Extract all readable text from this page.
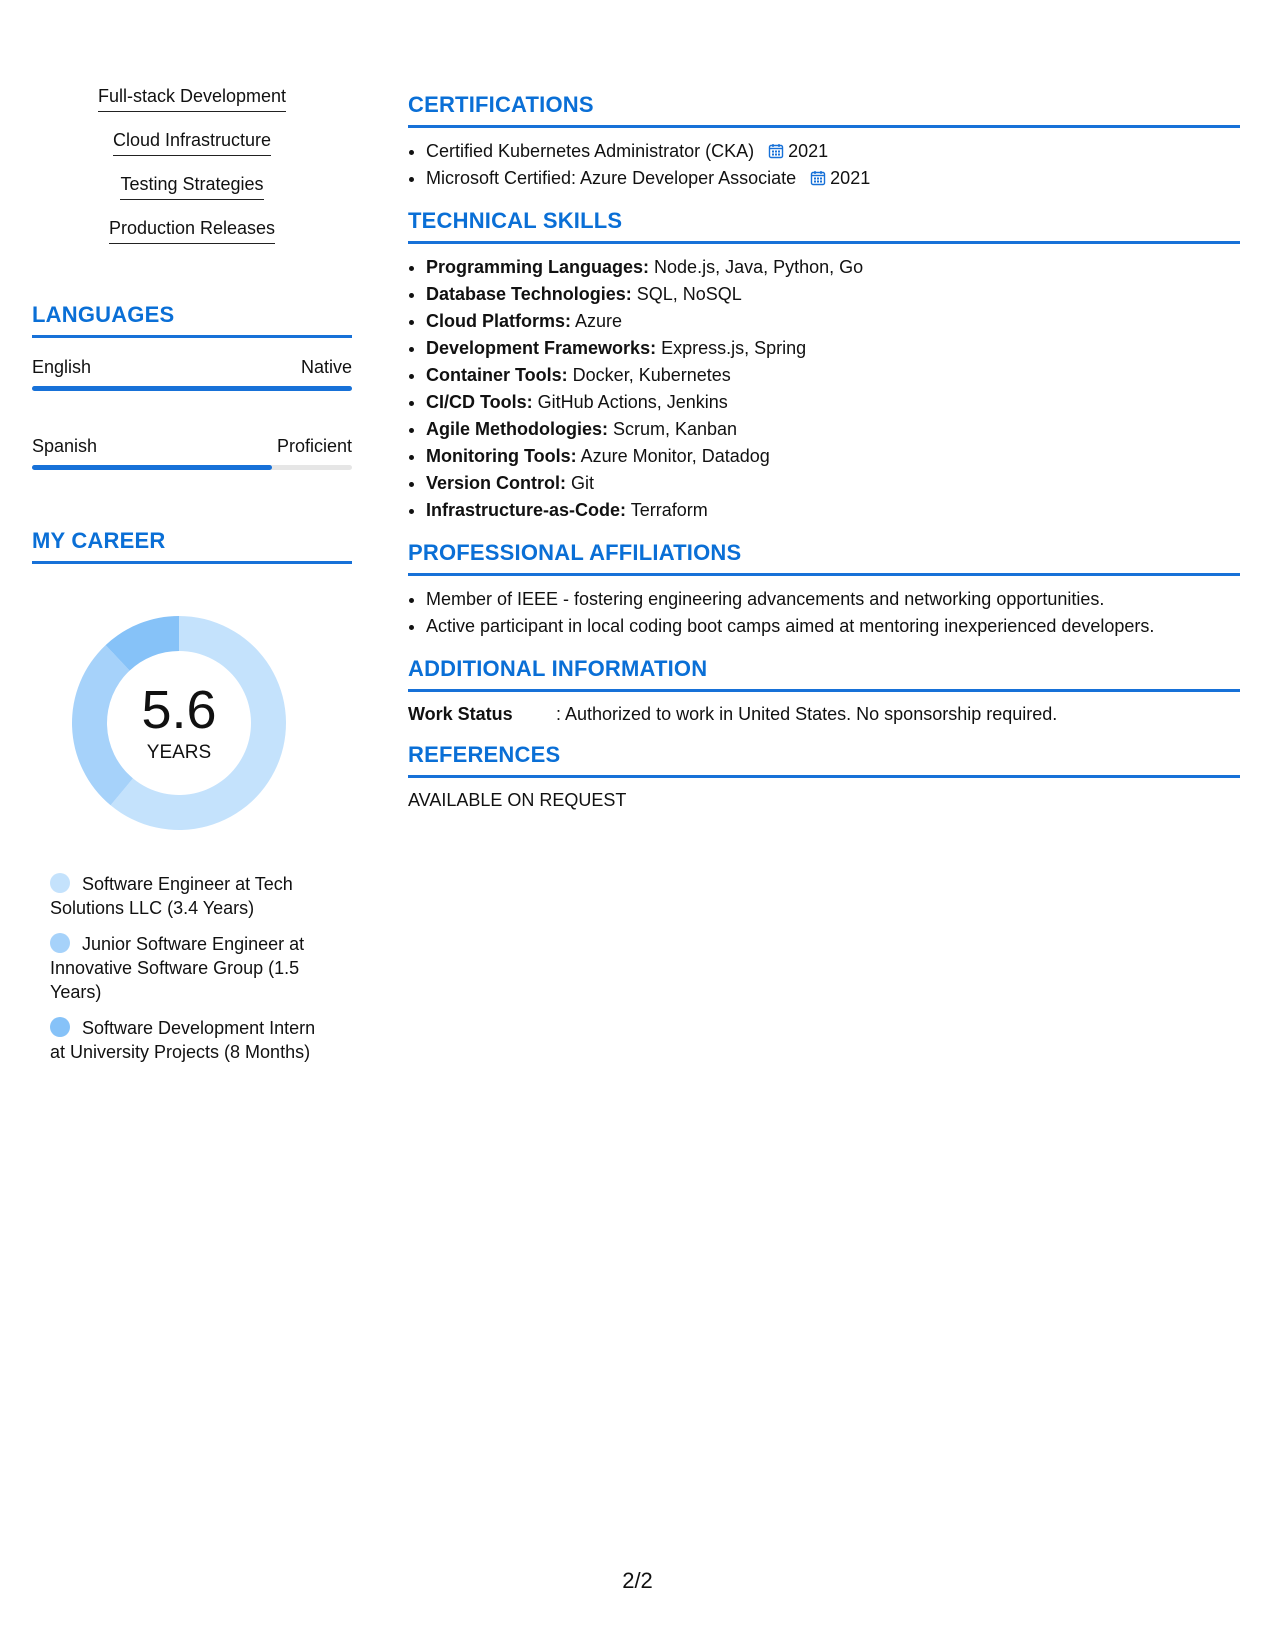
Full-stack Development
Cloud Infrastructure
Testing Strategies
Production Releases
LANGUAGES
English	Native
Spanish	Proficient
MY CAREER
5.6
YEARS
Software Engineer at Tech Solutions LLC (3.4 Years)
Junior Software Engineer at Innovative Software Group (1.5 Years)
Software Development Intern at University Projects (8 Months)
CERTIFICATIONS
• Certified Kubernetes Administrator (CKA) 2021
• Microsoft Certified: Azure Developer Associate 2021
TECHNICAL SKILLS
• Programming Languages: Node.js, Java, Python, Go
• Database Technologies: SQL, NoSQL
• Cloud Platforms: Azure
• Development Frameworks: Express.js, Spring
• Container Tools: Docker, Kubernetes
• CI/CD Tools: GitHub Actions, Jenkins
• Agile Methodologies: Scrum, Kanban
• Monitoring Tools: Azure Monitor, Datadog
• Version Control: Git
• Infrastructure-as-Code: Terraform
PROFESSIONAL AFFILIATIONS
• Member of IEEE - fostering engineering advancements and networking opportunities.
• Active participant in local coding boot camps aimed at mentoring inexperienced developers.
ADDITIONAL INFORMATION
Work Status	: Authorized to work in United States. No sponsorship required.
REFERENCES
AVAILABLE ON REQUEST
2/2
